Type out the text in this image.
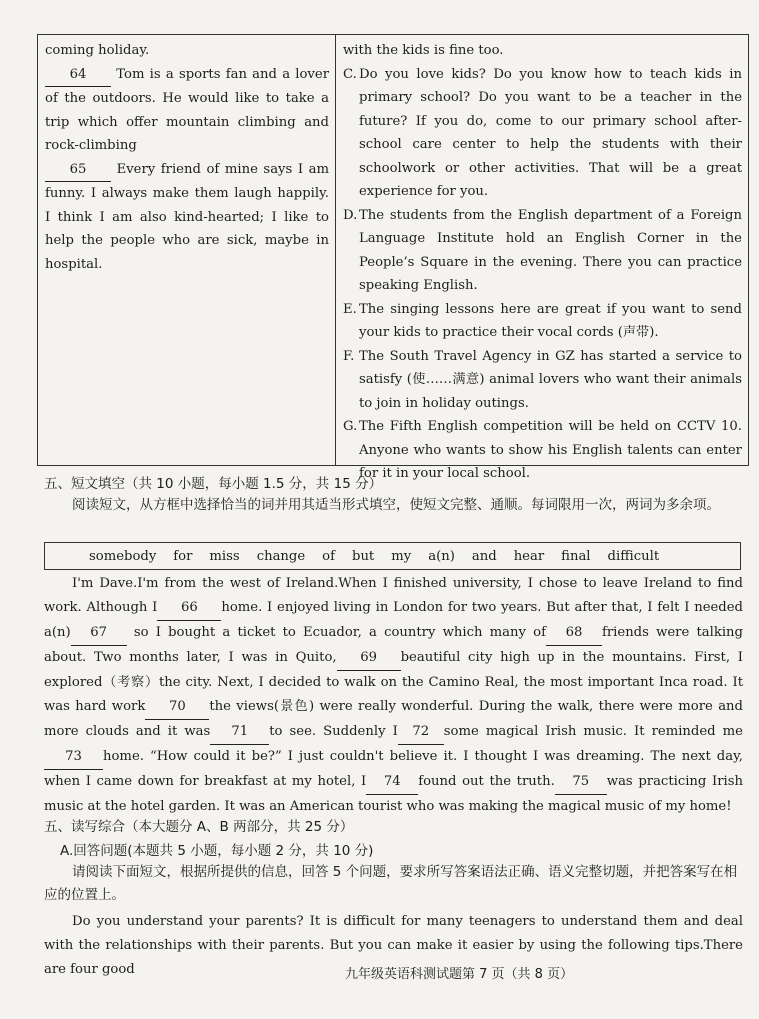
coming holiday.

64 Tom is a sports fan and a lover of the outdoors. He would like to take a trip which offer mountain climbing and rock-climbing

65 Every friend of mine says I am funny. I always make them laugh happily. I think I am also kind-hearted; I like to help the people who are sick, maybe in hospital.

with the kids is fine too.

C. Do you love kids? Do you know how to teach kids in primary school? Do you want to be a teacher in the future? If you do, come to our primary school after-school care center to help the students with their schoolwork or other activities. That will be a great experience for you.
D. The students from the English department of a Foreign Language Institute hold an English Corner in the People’s Square in the evening. There you can practice speaking English.
E. The singing lessons here are great if you want to send your kids to practice their vocal cords (声带).
F. The South Travel Agency in GZ has started a service to satisfy (使……满意) animal lovers who want their animals to join in holiday outings.
G. The Fifth English competition will be held on CCTV 10. Anyone who wants to show his English talents can enter for it in your local school.
五、短文填空（共 10 小题，每小题 1.5 分，共 15 分）

阅读短文，从方框中选择恰当的词并用其适当形式填空，使短文完整、通顺。每词限用一次，两词为多余项。

somebody for miss change of but my a(n) and hear final difficult

I'm Dave.I'm from the west of Ireland.When I finished university, I chose to leave Ireland to find work. Although I 66 home. I enjoyed living in London for two years. But after that, I felt I needed a(n) 67 so I bought a ticket to Ecuador, a country which many of 68 friends were talking about. Two months later, I was in Quito, 69 beautiful city high up in the mountains. First, I explored（考察）the city. Next, I decided to walk on the Camino Real, the most important Inca road. It was hard work 70 the views(景色) were really wonderful. During the walk, there were more and more clouds and it was 71 to see. Suddenly I 72 some magical Irish music. It reminded me73 home. “How could it be?” I just couldn't believe it. I thought I was dreaming. The next day, when I came down for breakfast at my hotel, I 74 found out the truth. 75 was practicing Irish music at the hotel garden. It was an American tourist who was making the magical music of my home!

五、读写综合（本大题分 A、B 两部分，共 25 分）
A.回答问题(本题共 5 小题，每小题 2 分，共 10 分)

请阅读下面短文，根据所提供的信息，回答 5 个问题，要求所写答案语法正确、语义完整切题，并把答案写在相应的位置上。

Do you understand your parents? It is difficult for many teenagers to understand them and deal with the relationships with their parents. But you can make it easier by using the following tips.There are four good	九年级英语科测试题第 7 页（共 8 页）
